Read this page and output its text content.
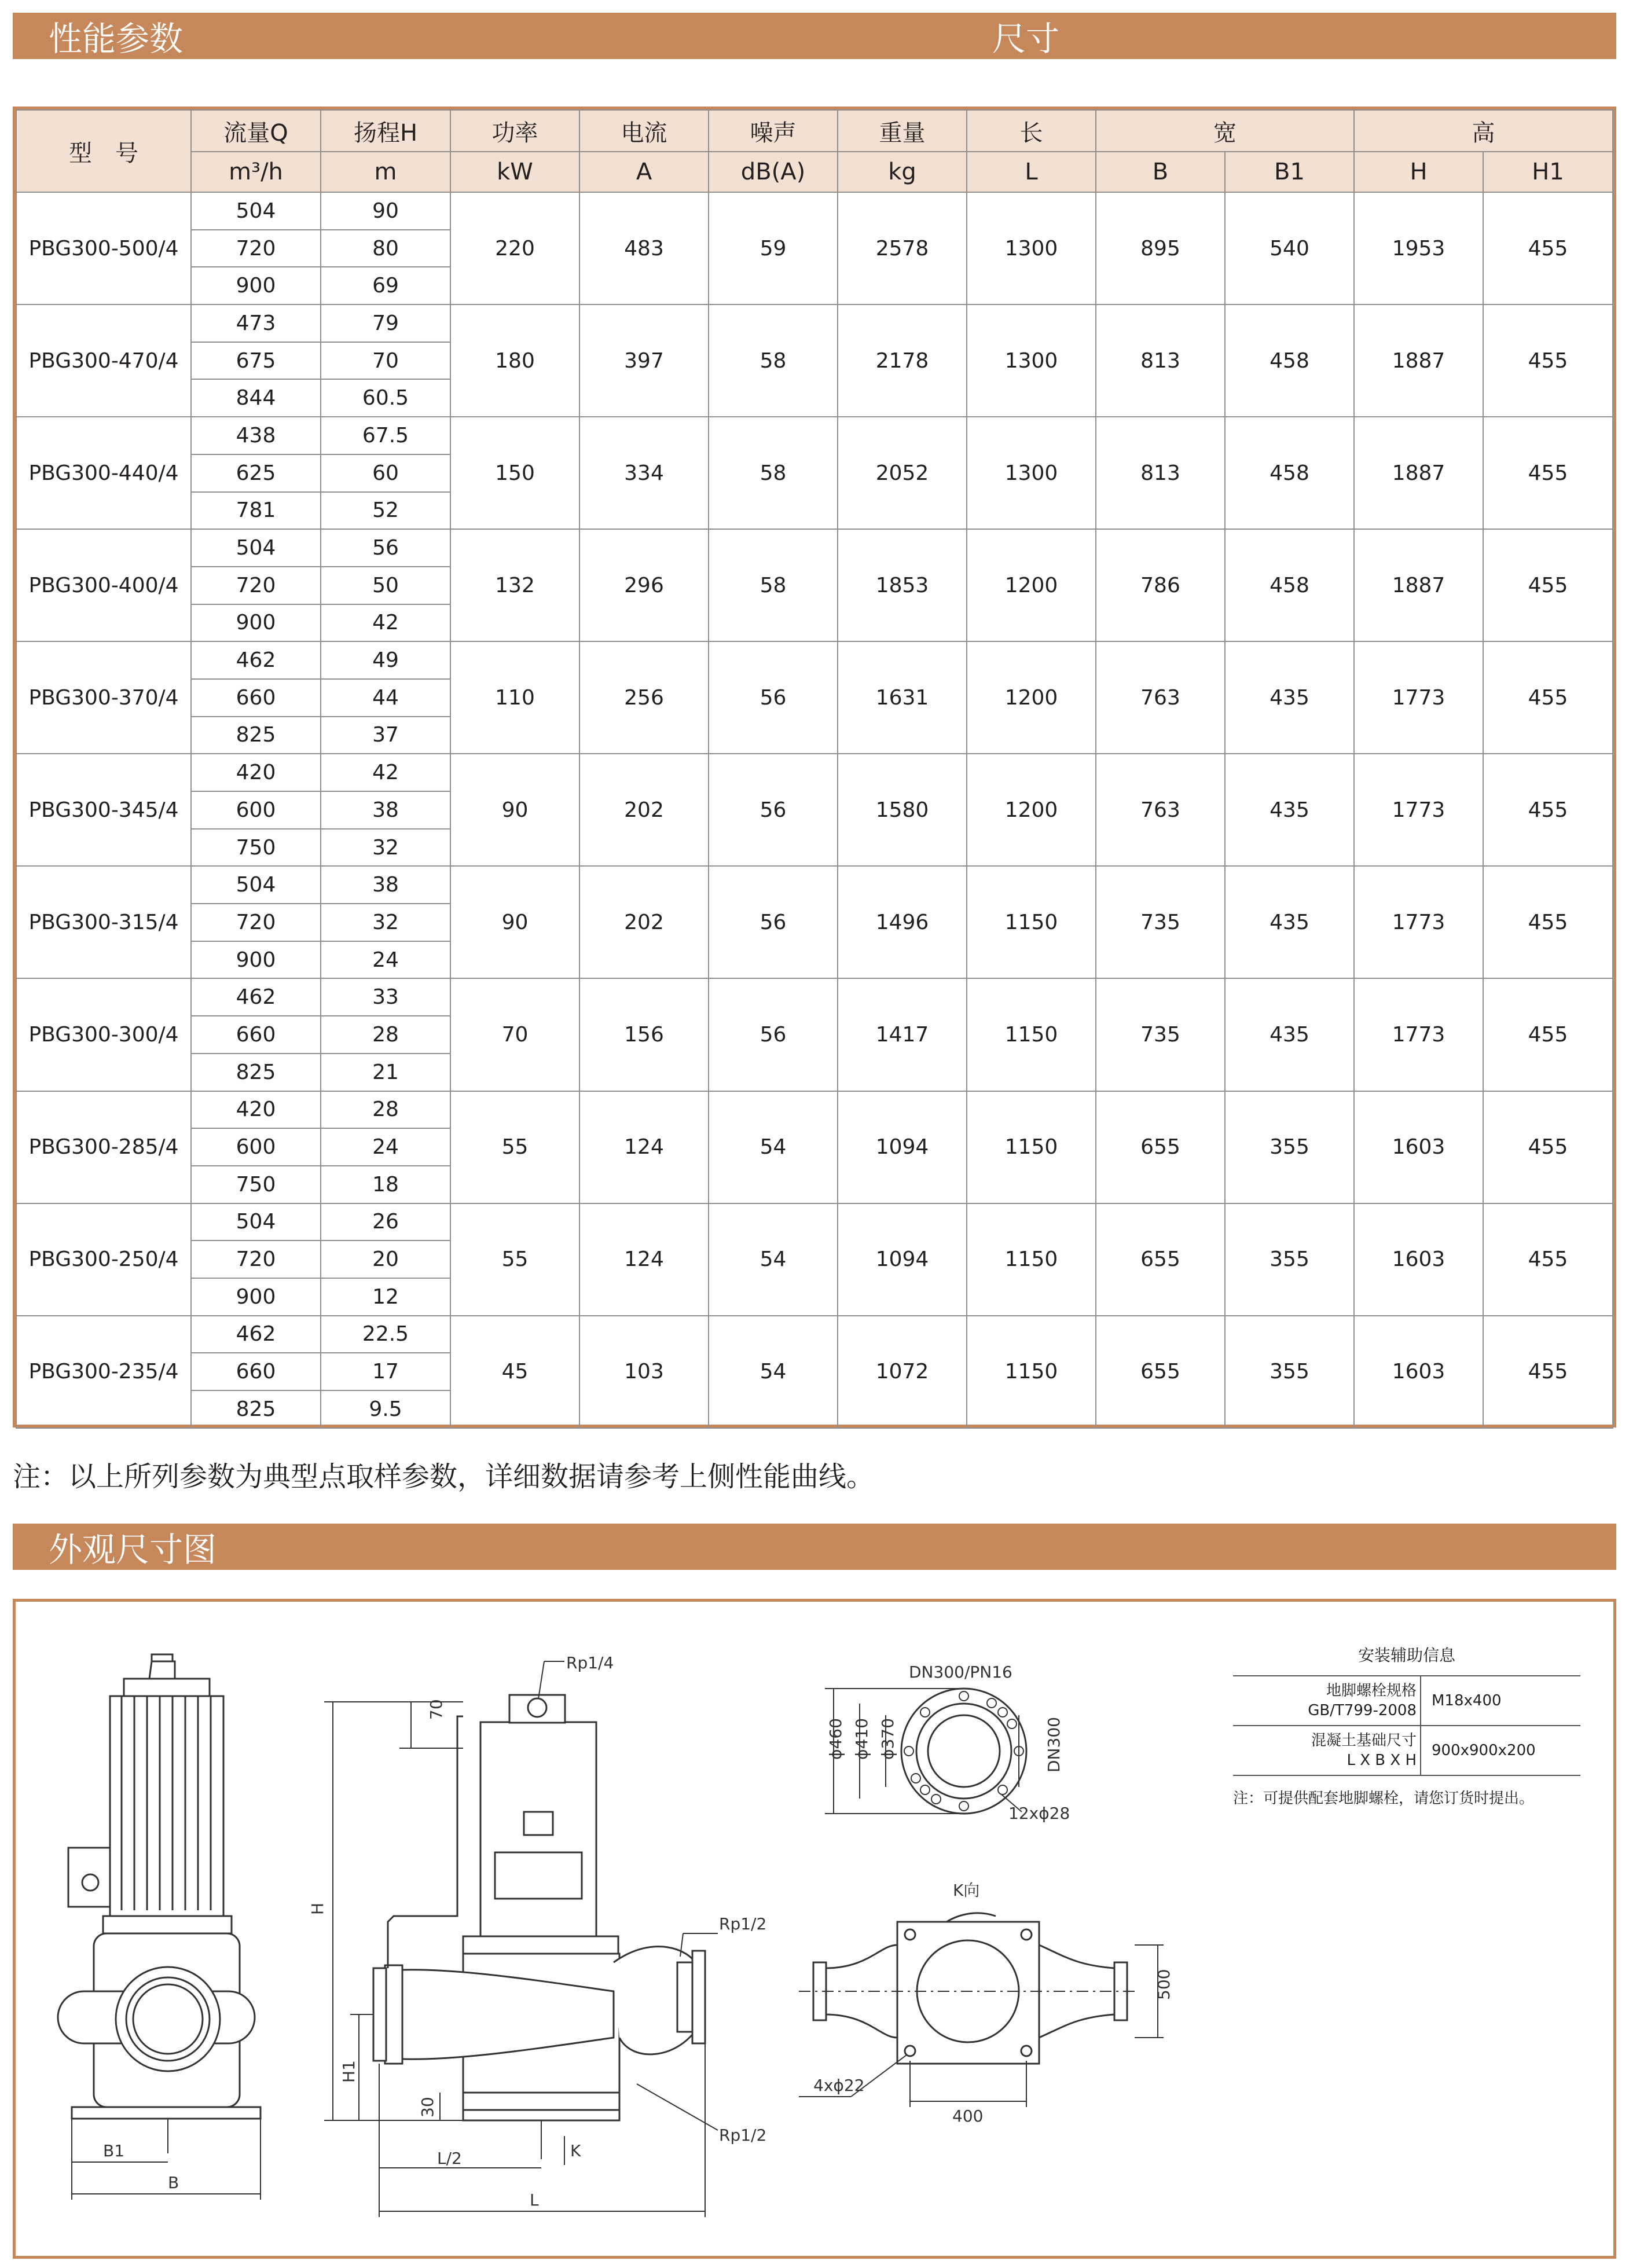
性能参数	尺寸
型　号	流量Q	扬程H	功率	电流	噪声	重量	长	宽		高	
	m³/h	m	kW	A	dB(A)	kg	L	B	B1	H	H1
PBG300-500/4	504	90	220	483	59	2578	1300	895	540	1953	455
	720	80									
	900	69									
PBG300-470/4	473	79	180	397	58	2178	1300	813	458	1887	455
	675	70									
	844	60.5									
PBG300-440/4	438	67.5	150	334	58	2052	1300	813	458	1887	455
	625	60									
	781	52									
PBG300-400/4	504	56	132	296	58	1853	1200	786	458	1887	455
	720	50									
	900	42									
PBG300-370/4	462	49	110	256	56	1631	1200	763	435	1773	455
	660	44									
	825	37									
PBG300-345/4	420	42	90	202	56	1580	1200	763	435	1773	455
	600	38									
	750	32									
PBG300-315/4	504	38	90	202	56	1496	1150	735	435	1773	455
	720	32									
	900	24									
PBG300-300/4	462	33	70	156	56	1417	1150	735	435	1773	455
	660	28									
	825	21									
PBG300-285/4	420	28	55	124	54	1094	1150	655	355	1603	455
	600	24									
	750	18									
PBG300-250/4	504	26	55	124	54	1094	1150	655	355	1603	455
	720	20									
	900	12									
PBG300-235/4	462	22.5	45	103	54	1072	1150	655	355	1603	455
	660	17									
	825	9.5									
注：以上所列参数为典型点取样参数，详细数据请参考上侧性能曲线。
外观尺寸图
B1
B
Rp1/4
Rp1/2
Rp1/2
70
H
H1
30
L/2	K
L
DN300/PN16
ϕ460 ϕ410 ϕ370	DN300
12xϕ28
K向
500
4xϕ22
400
安装辅助信息
地脚螺栓规格
GB/T799-2008	M18x400

混凝土基础尺寸
L X B X H	900x900x200
注：可提供配套地脚螺栓，请您订货时提出。
